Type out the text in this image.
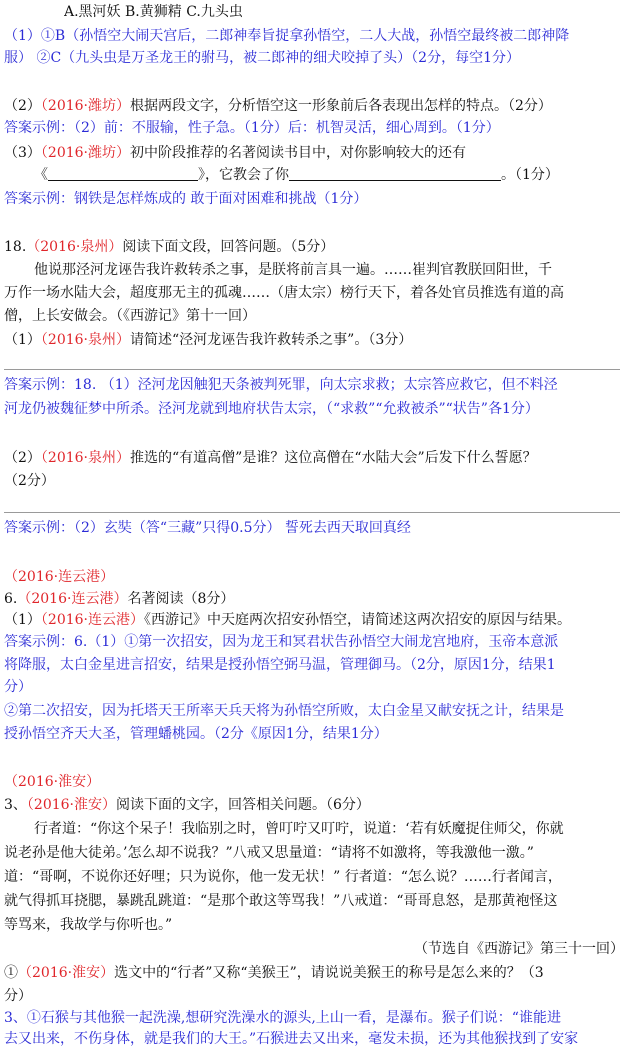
A.黑河妖 B.黄狮精 C.九头虫
（1）①B（孙悟空大闹天宫后，二郎神奉旨捉拿孙悟空，二人大战，孙悟空最终被二郎神降
服） ②C（九头虫是万圣龙王的驸马，被二郎神的细犬咬掉了头）（2分，每空1分）
（2）（2016·潍坊）根据两段文字，分析悟空这一形象前后各表现出怎样的特点。（2分）
答案示例：（2）前：不服输，性子急。（1分）后：机智灵活，细心周到。（1分）
（3）（2016·潍坊）初中阶段推荐的名著阅读书目中，对你影响较大的还有
《	》，它教会了你	。（1分）
答案示例：钢铁是怎样炼成的 敢于面对困难和挑战（1分）
18.（2016·泉州）阅读下面文段，回答问题。（5分）
他说那泾河龙诬告我许救转杀之事，是朕将前言具一遍。……崔判官教朕回阳世，千
万作一场水陆大会，超度那无主的孤魂……（唐太宗）榜行天下，着各处官员推选有道的高
僧，上长安做会。（《西游记》第十一回）
（1）（2016·泉州）请简述“泾河龙诬告我许救转杀之事”。（3分）
答案示例：18. （1）泾河龙因触犯天条被判死罪，向太宗求救；太宗答应救它，但不料泾
河龙仍被魏征梦中所杀。泾河龙就到地府状告太宗，（“求救”“允救被杀”“状告”各1分）
（2）（2016·泉州）推选的“有道高僧”是谁？这位高僧在“水陆大会”后发下什么誓愿？
（2分）
答案示例：（2）玄奘（答“三藏”只得0.5分） 誓死去西天取回真经
（2016·连云港）
6.（2016·连云港）名著阅读（8分）
（1）（2016·连云港）《西游记》中天庭两次招安孙悟空，请简述这两次招安的原因与结果。
答案示例：6.（1）①第一次招安，因为龙王和冥君状告孙悟空大闹龙宫地府，玉帝本意派
将降服，太白金星进言招安，结果是授孙悟空弼马温，管理御马。（2分，原因1分，结果1
分）
②第二次招安，因为托塔天王所率天兵天将为孙悟空所败，太白金星又献安抚之计，结果是
授孙悟空齐天大圣，管理蟠桃园。（2分《原因1分，结果1分）
（2016·淮安）
3、（2016·淮安）阅读下面的文字，回答相关问题。（6分）
行者道：“你这个呆子！我临别之时，曾叮咛又叮咛，说道：‘若有妖魔捉住师父，你就
说老孙是他大徒弟。’怎么却不说我？”八戒又思量道：“请将不如激将，等我激他一激。”
道：“哥啊，不说你还好哩；只为说你，他一发无状！” 行者道：“怎么说？……行者闻言，
就气得抓耳挠腮，暴跳乱跳道：“是那个敢这等骂我！”八戒道：“哥哥息怒，是那黄袍怪这
等骂来，我故学与你听也。”
（节选自《西游记》第三十一回）
①（2016·淮安）选文中的“行者”又称“美猴王”，请说说美猴王的称号是怎么来的？（3
分）
3、①石猴与其他猴一起洗澡,想研究洗澡水的源头,上山一看，是瀑布。猴子们说：“谁能进
去又出来，不伤身体，就是我们的大王。”石猴进去又出来，毫发未损，还为其他猴找到了安家
